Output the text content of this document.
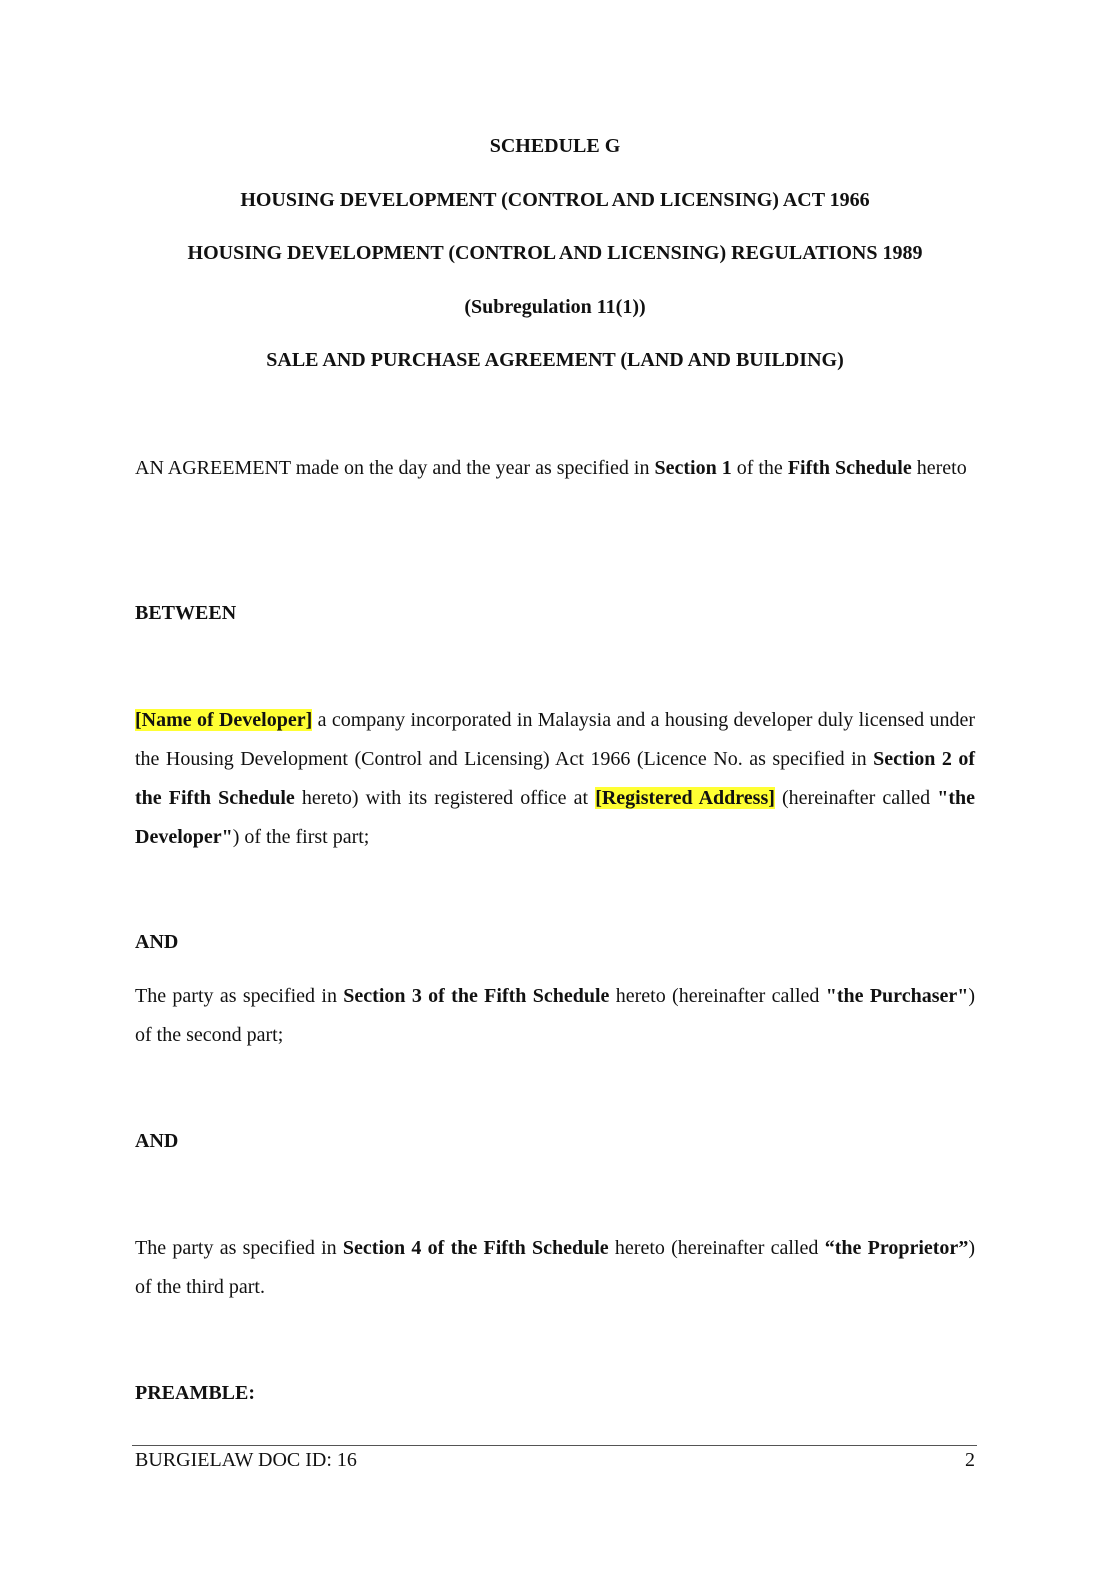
SCHEDULE G
HOUSING DEVELOPMENT (CONTROL AND LICENSING) ACT 1966
HOUSING DEVELOPMENT (CONTROL AND LICENSING) REGULATIONS 1989
(Subregulation 11(1))
SALE AND PURCHASE AGREEMENT (LAND AND BUILDING)
AN AGREEMENT made on the day and the year as specified in Section 1 of the Fifth Schedule hereto
BETWEEN
[Name of Developer] a company incorporated in Malaysia and a housing developer duly licensed under the Housing Development (Control and Licensing) Act 1966 (Licence No. as specified in Section 2 of the Fifth Schedule hereto) with its registered office at [Registered Address] (hereinafter called "the Developer") of the first part;
AND
The party as specified in Section 3 of the Fifth Schedule hereto (hereinafter called "the Purchaser") of the second part;
AND
The party as specified in Section 4 of the Fifth Schedule hereto (hereinafter called “the Proprietor”) of the third part.
PREAMBLE:
BURGIELAW DOC ID: 16	2
